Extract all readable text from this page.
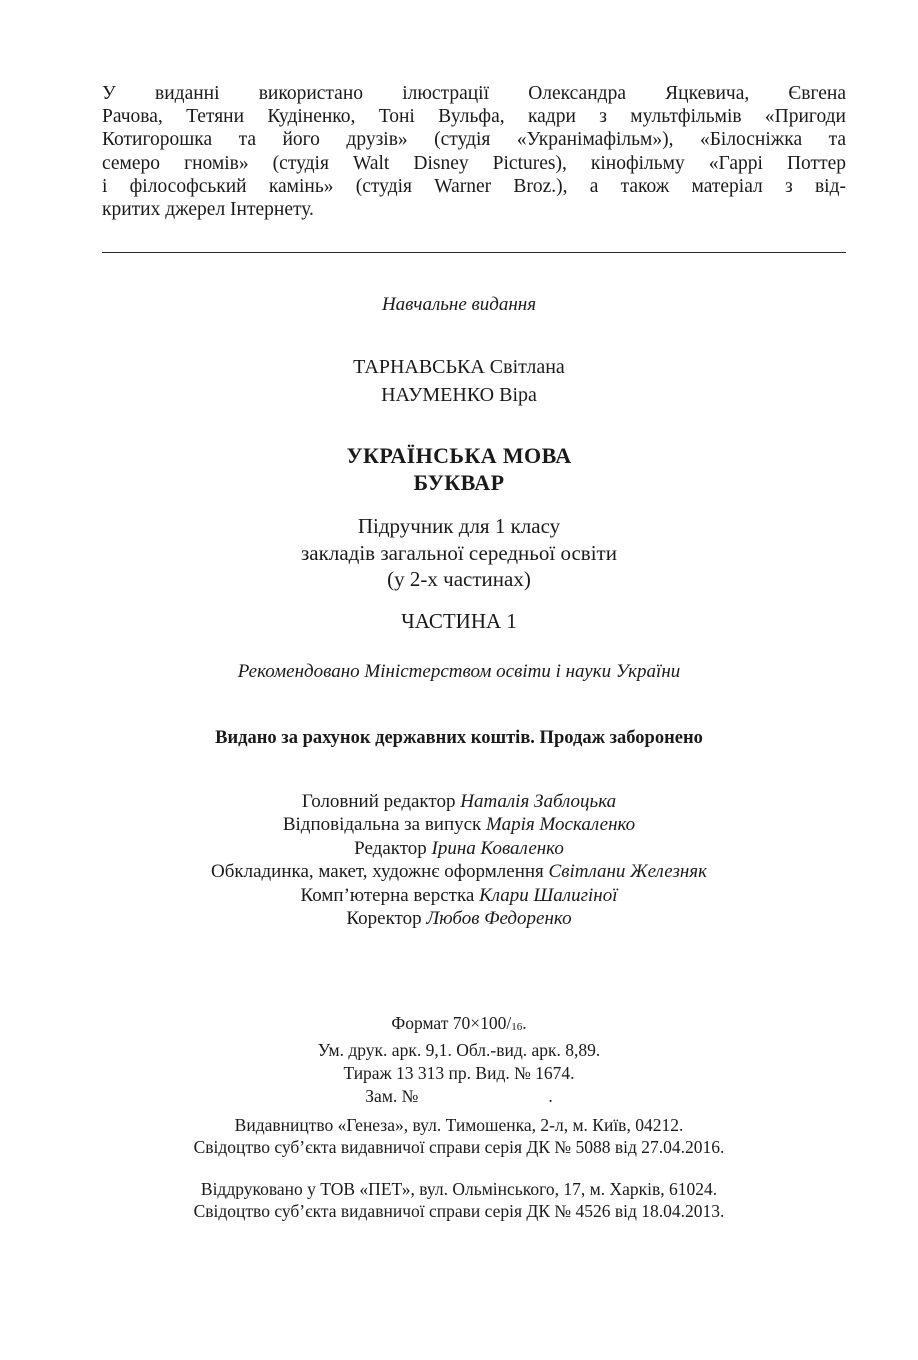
У виданні використано ілюстрації Олександра Яцкевича, Євгена
Рачова, Тетяни Кудіненко, Тоні Вульфа, кадри з мультфільмів «Пригоди
Котигорошка та його друзів» (студія «Укранімафільм»), «Білосніжка та
семеро гномів» (студія Walt Disney Pictures), кінофільму «Гаррі Поттер
і філософський камінь» (студія Warner Broz.), а також матеріал з від-
критих джерел Інтернету.
Навчальне видання
ТАРНАВСЬКА Світлана
НАУМЕНКО Віра
УКРАЇНСЬКА МОВА
БУКВАР
Підручник для 1 класу
закладів загальної середньої освіти
(у 2-х частинах)
ЧАСТИНА 1
Рекомендовано Міністерством освіти і науки України
Видано за рахунок державних коштів. Продаж заборонено
Головний редактор Наталія Заблоцька
Відповідальна за випуск Марія Москаленко
Редактор Ірина Коваленко
Обкладинка, макет, художнє оформлення Світлани Железняк
Комп’ютерна верстка Клари Шалигіної
Коректор Любов Федоренко
Формат $70\times 100/_{16}$.
Ум. друк. арк. 9,1. Обл.-вид. арк. 8,89.
Тираж 13 313 пр. Вид. № 1674.
Зам. №	.
Видавництво «Генеза», вул. Тимошенка, 2-л, м. Київ, 04212.
Свідоцтво суб’єкта видавничої справи серія ДК № 5088 від 27.04.2016.
Віддруковано у ТОВ «ПЕТ», вул. Ольмінського, 17, м. Харків, 61024.
Свідоцтво суб’єкта видавничої справи серія ДК № 4526 від 18.04.2013.
